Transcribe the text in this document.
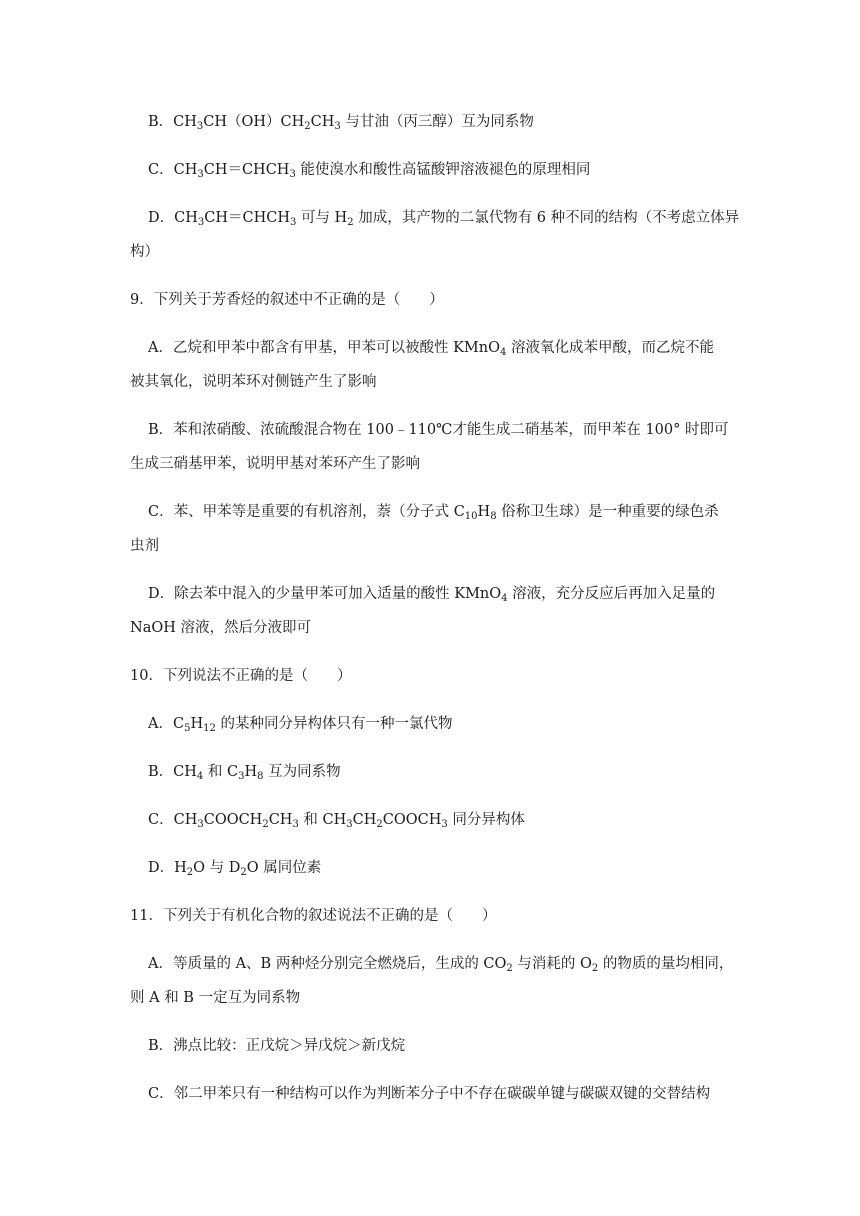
B．$CH_3CH(OH)CH_2CH_3$ 与甘油（丙三醇）互为同系物
C．$CH_3CH=CHCH_3$ 能使溴水和酸性高锰酸钾溶液褪色的原理相同
D．$CH_3CH=CHCH_3$ 可与 $H_2$ 加成，其产物的二氯代物有 6 种不同的结构（不考虑立体异
构）
9．下列关于芳香烃的叙述中不正确的是（　　）
A．乙烷和甲苯中都含有甲基，甲苯可以被酸性 KMnO$_4$ 溶液氧化成苯甲酸，而乙烷不能
被其氧化，说明苯环对侧链产生了影响
B．苯和浓硝酸、浓硫酸混合物在 100﹣110℃才能生成二硝基苯，而甲苯在 100° 时即可
生成三硝基甲苯，说明甲基对苯环产生了影响
C．苯、甲苯等是重要的有机溶剂，萘（分子式 $C_{10}H_8$ 俗称卫生球）是一种重要的绿色杀
虫剂
D．除去苯中混入的少量甲苯可加入适量的酸性 KMnO$_4$ 溶液，充分反应后再加入足量的
NaOH 溶液，然后分液即可
10．下列说法不正确的是（　　）
A．$C_5H_{12}$ 的某种同分异构体只有一种一氯代物
B．$CH_4$ 和 $C_3H_8$ 互为同系物
C．$CH_3COOCH_2CH_3$ 和 $CH_3CH_2COOCH_3$ 同分异构体
D．$H_2O$ 与 $D_2O$ 属同位素
11．下列关于有机化合物的叙述说法不正确的是（　　）
A．等质量的 A、B 两种烃分别完全燃烧后，生成的 $CO_2$ 与消耗的 $O_2$ 的物质的量均相同，
则 A 和 B 一定互为同系物
B．沸点比较：正戊烷＞异戊烷＞新戊烷
C．邻二甲苯只有一种结构可以作为判断苯分子中不存在碳碳单键与碳碳双键的交替结构
